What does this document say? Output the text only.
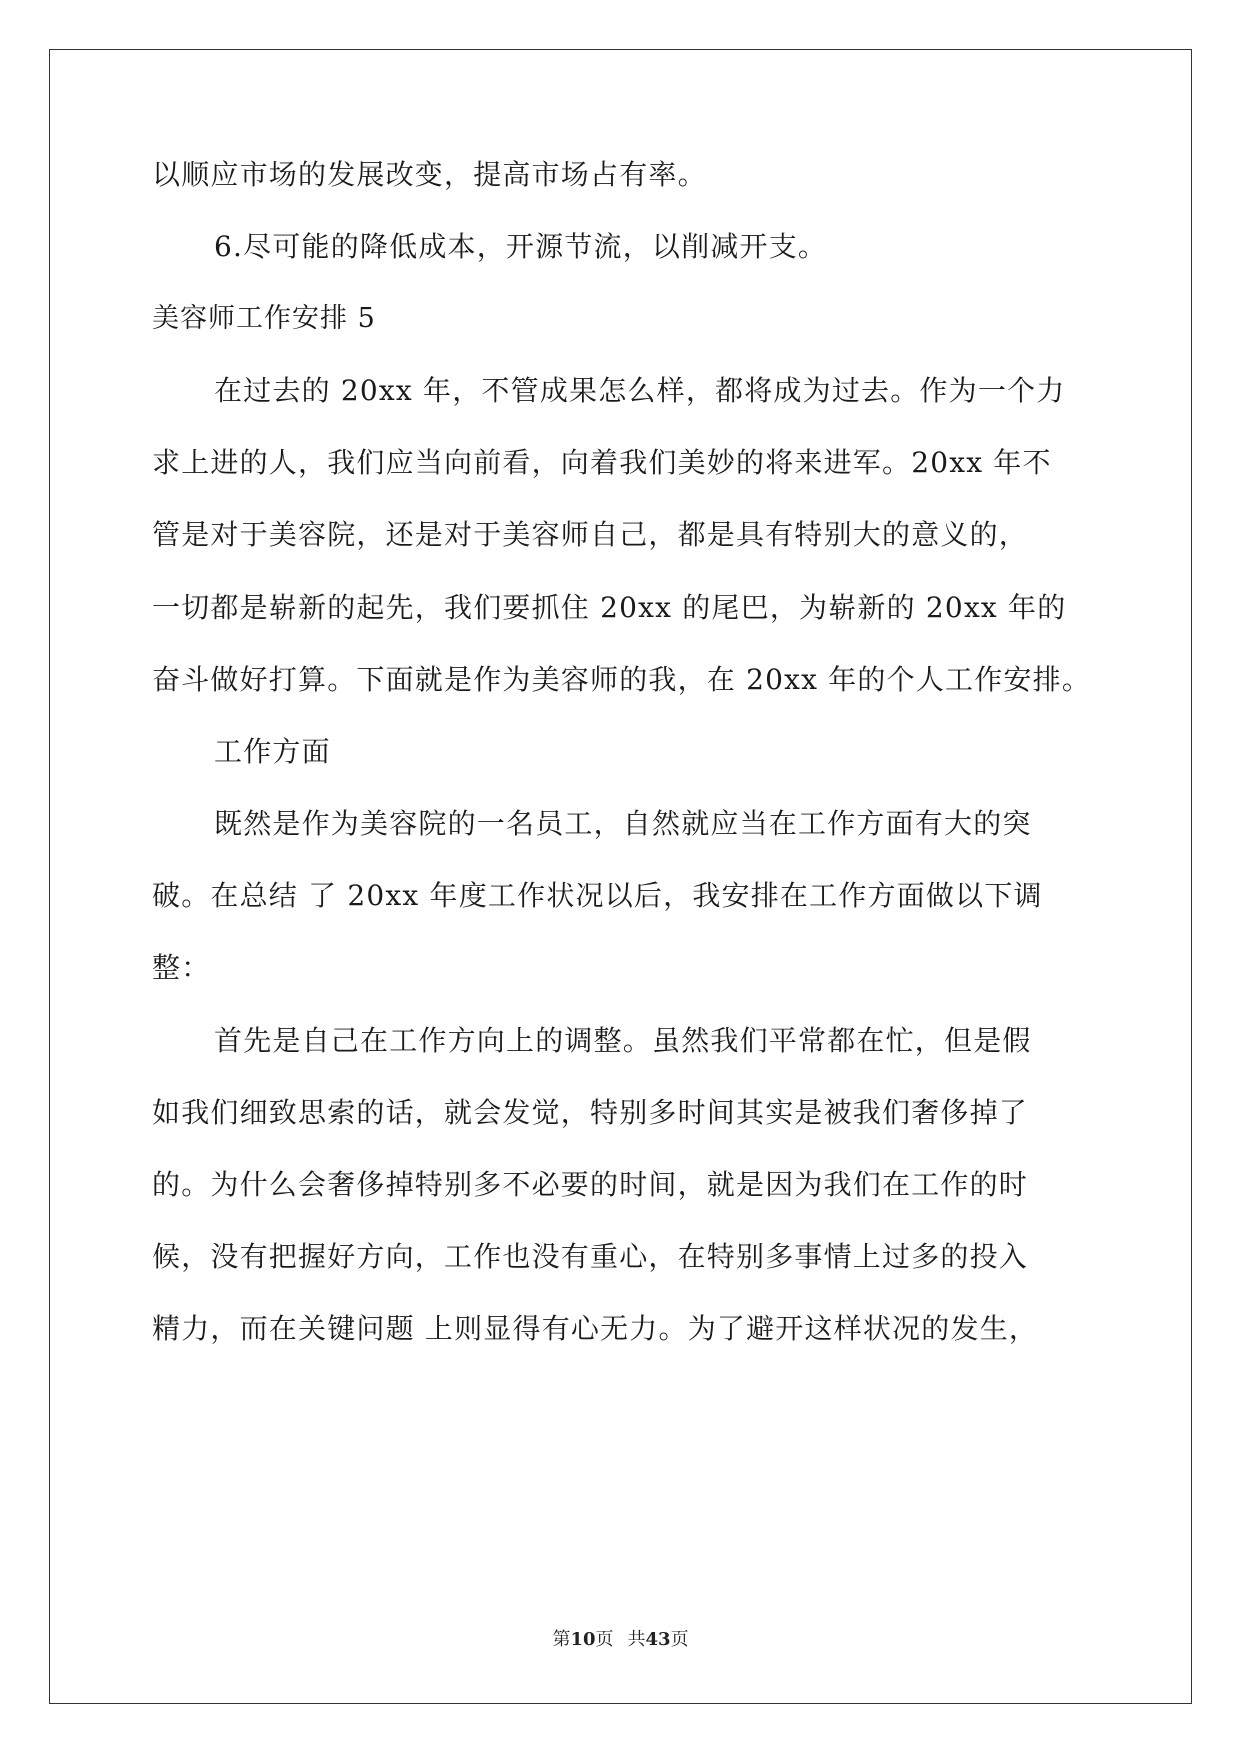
以顺应市场的发展改变，提高市场占有率。
6.尽可能的降低成本，开源节流，以削减开支。
美容师工作安排 5
在过去的 20xx 年，不管成果怎么样，都将成为过去。作为一个力
求上进的人，我们应当向前看，向着我们美妙的将来进军。20xx 年不
管是对于美容院，还是对于美容师自己，都是具有特别大的意义的，
一切都是崭新的起先，我们要抓住 20xx 的尾巴，为崭新的 20xx 年的
奋斗做好打算。下面就是作为美容师的我，在 20xx 年的个人工作安排。
工作方面
既然是作为美容院的一名员工，自然就应当在工作方面有大的突
破。在总结 了 20xx 年度工作状况以后，我安排在工作方面做以下调
整：
首先是自己在工作方向上的调整。虽然我们平常都在忙，但是假
如我们细致思索的话，就会发觉，特别多时间其实是被我们奢侈掉了
的。为什么会奢侈掉特别多不必要的时间，就是因为我们在工作的时
候，没有把握好方向，工作也没有重心，在特别多事情上过多的投入
精力，而在关键问题 上则显得有心无力。为了避开这样状况的发生，
第10页 共43页
